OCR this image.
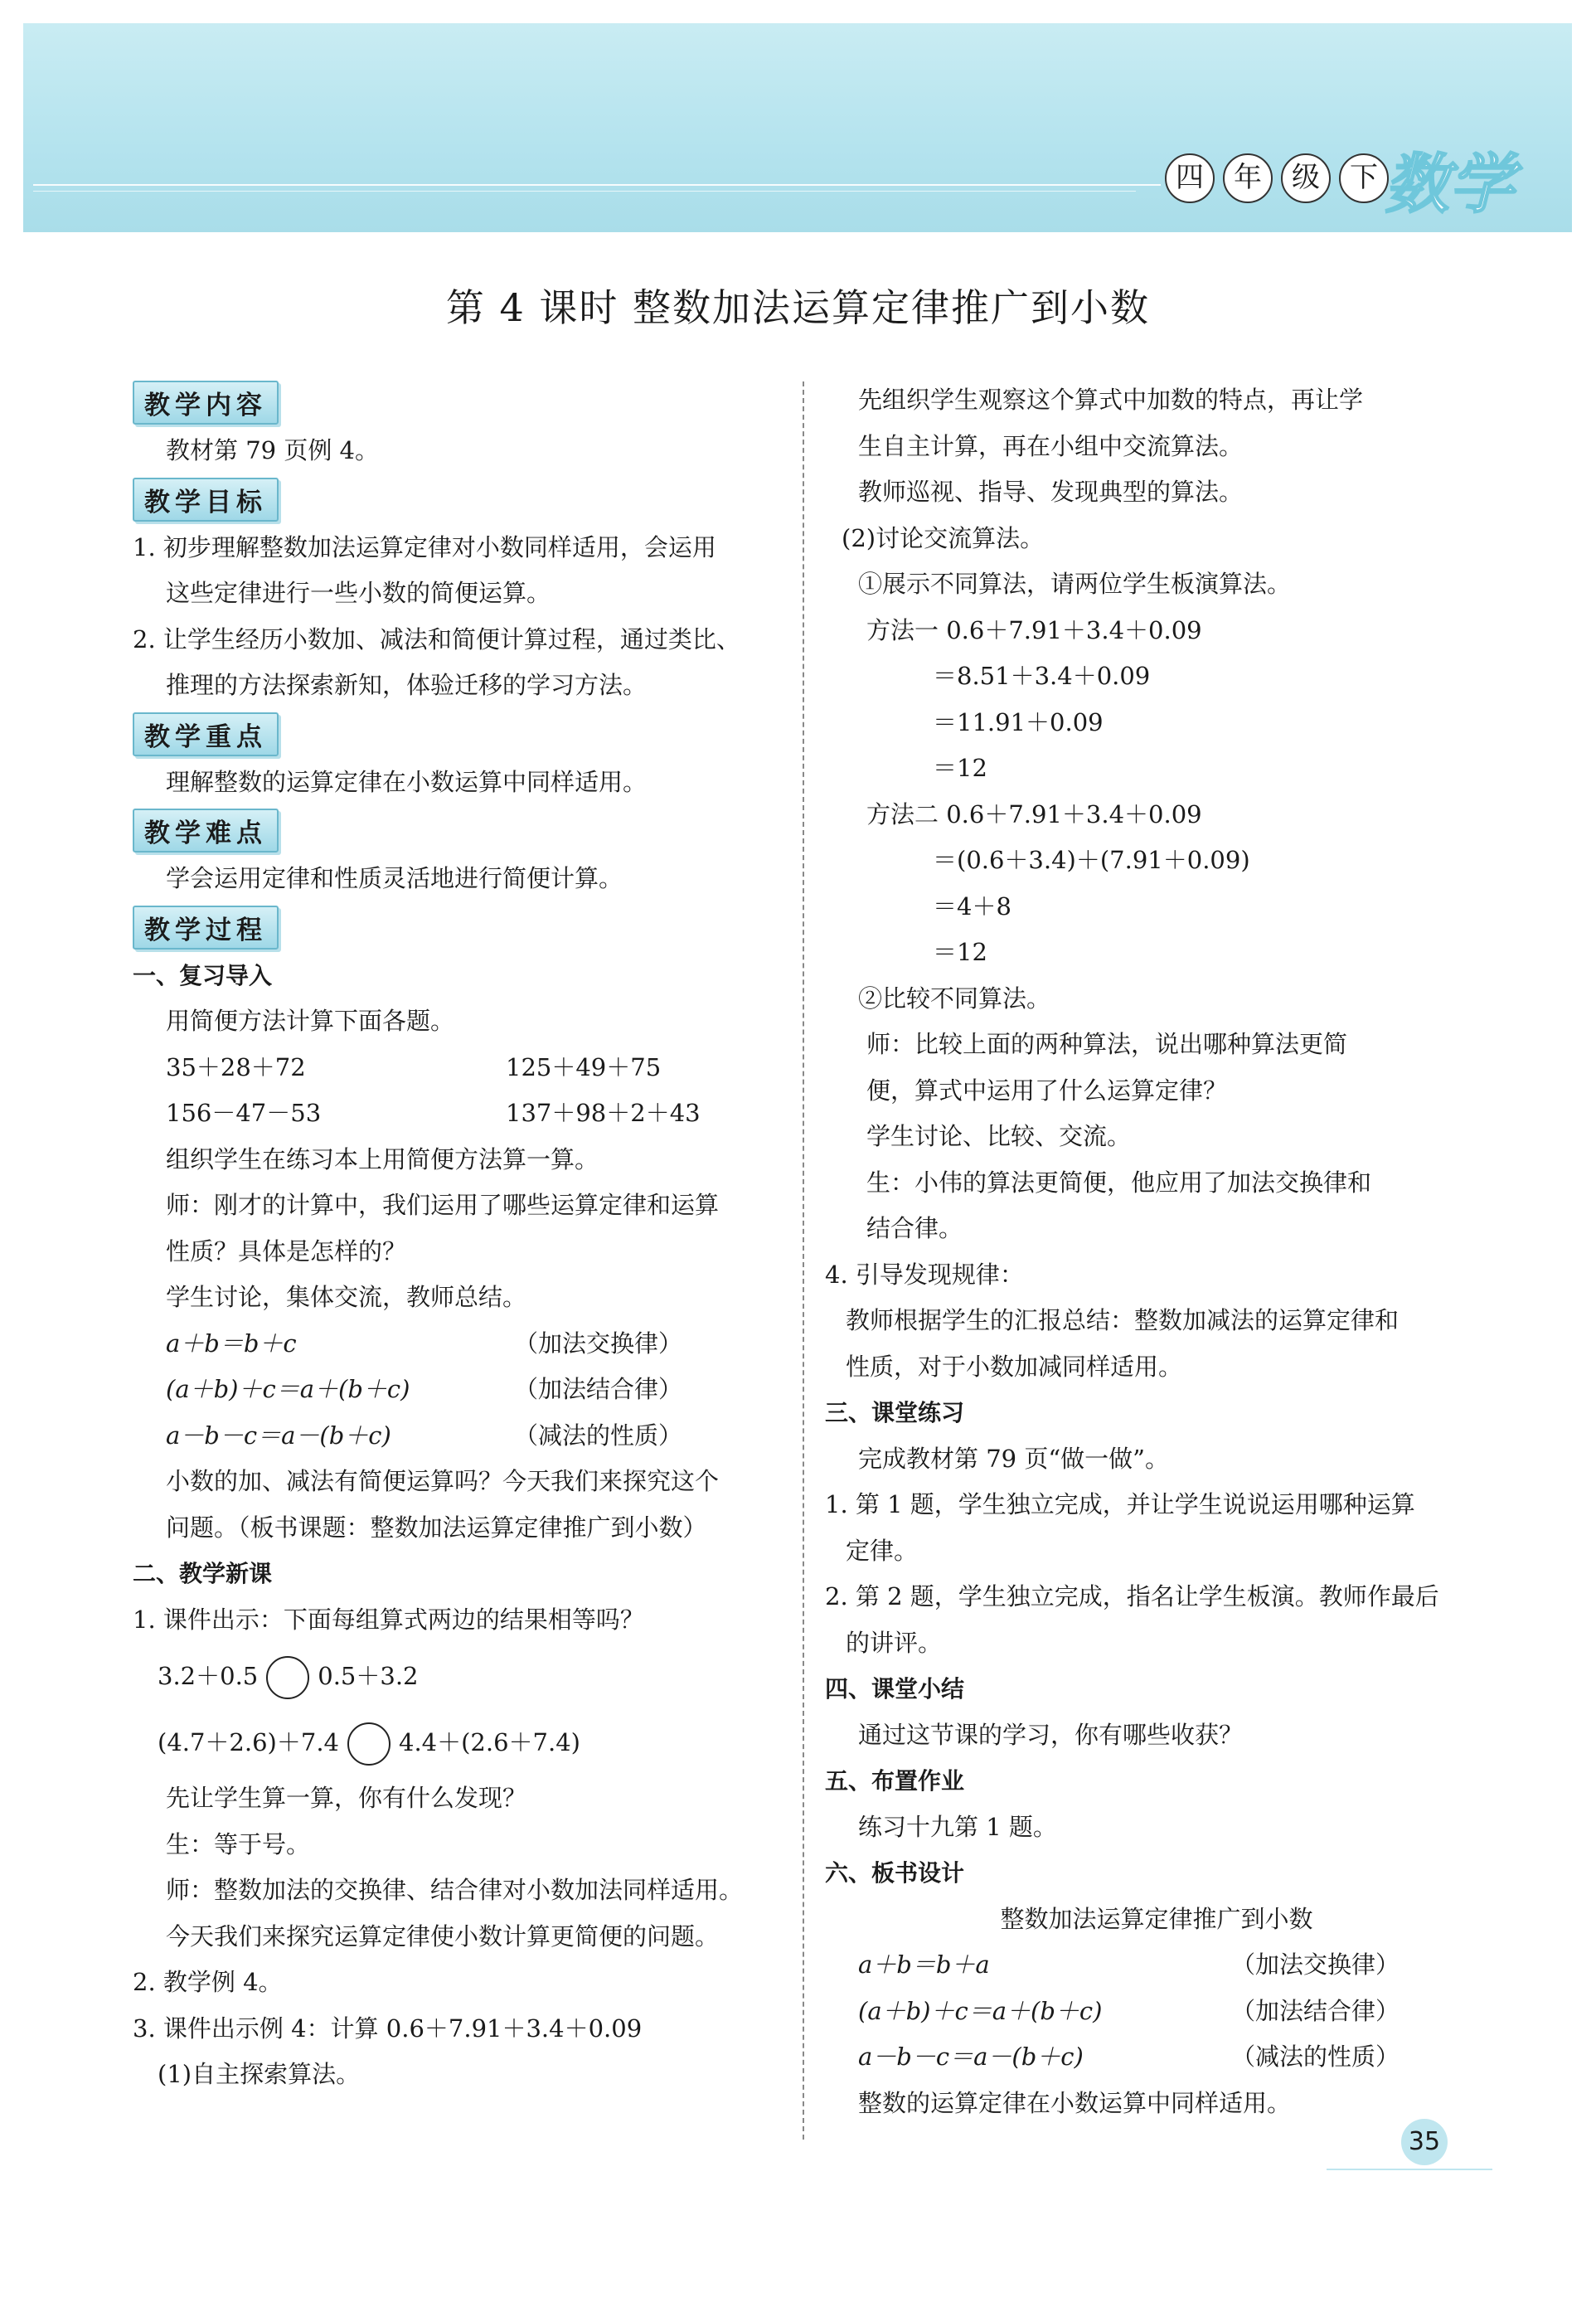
四	年	级	下 数学
第 4 课时 整数加法运算定律推广到小数
教学内容
教材第 79 页例 4。
教学目标
1. 初步理解整数加法运算定律对小数同样适用，会运用
这些定律进行一些小数的简便运算。
2. 让学生经历小数加、减法和简便计算过程，通过类比、
推理的方法探索新知，体验迁移的学习方法。
教学重点
理解整数的运算定律在小数运算中同样适用。
教学难点
学会运用定律和性质灵活地进行简便计算。
教学过程
一、复习导入
用简便方法计算下面各题。
35＋28＋72	125＋49＋75
156－47－53	137＋98＋2＋43
组织学生在练习本上用简便方法算一算。
师：刚才的计算中，我们运用了哪些运算定律和运算
性质？具体是怎样的？
学生讨论，集体交流，教师总结。
a＋b＝b＋c	（加法交换律）
(a＋b)＋c＝a＋(b＋c)	（加法结合律）
a－b－c＝a－(b＋c)	（减法的性质）
小数的加、减法有简便运算吗？今天我们来探究这个
问题。（板书课题：整数加法运算定律推广到小数）
二、教学新课
1. 课件出示：下面每组算式两边的结果相等吗？
3.2＋0.5 0.5＋3.2
(4.7＋2.6)＋7.4 4.4＋(2.6＋7.4)
先让学生算一算，你有什么发现？
生：等于号。
师：整数加法的交换律、结合律对小数加法同样适用。
今天我们来探究运算定律使小数计算更简便的问题。
2. 教学例 4。
3. 课件出示例 4：计算 0.6＋7.91＋3.4＋0.09
(1)自主探索算法。
先组织学生观察这个算式中加数的特点，再让学
生自主计算，再在小组中交流算法。
教师巡视、指导、发现典型的算法。
(2)讨论交流算法。
①展示不同算法，请两位学生板演算法。
方法一 0.6＋7.91＋3.4＋0.09
＝8.51＋3.4＋0.09
＝11.91＋0.09
＝12
方法二 0.6＋7.91＋3.4＋0.09
＝(0.6＋3.4)＋(7.91＋0.09)
＝4＋8
＝12
②比较不同算法。
师：比较上面的两种算法，说出哪种算法更简
便，算式中运用了什么运算定律？
学生讨论、比较、交流。
生：小伟的算法更简便，他应用了加法交换律和
结合律。
4. 引导发现规律：
教师根据学生的汇报总结：整数加减法的运算定律和
性质，对于小数加减同样适用。
三、课堂练习
完成教材第 79 页“做一做”。
1. 第 1 题，学生独立完成，并让学生说说运用哪种运算
定律。
2. 第 2 题，学生独立完成，指名让学生板演。教师作最后
的讲评。
四、课堂小结
通过这节课的学习，你有哪些收获？
五、布置作业
练习十九第 1 题。
六、板书设计
整数加法运算定律推广到小数
a＋b＝b＋a	（加法交换律）
(a＋b)＋c＝a＋(b＋c)	（加法结合律）
a－b－c＝a－(b＋c)	（减法的性质）
整数的运算定律在小数运算中同样适用。
35
